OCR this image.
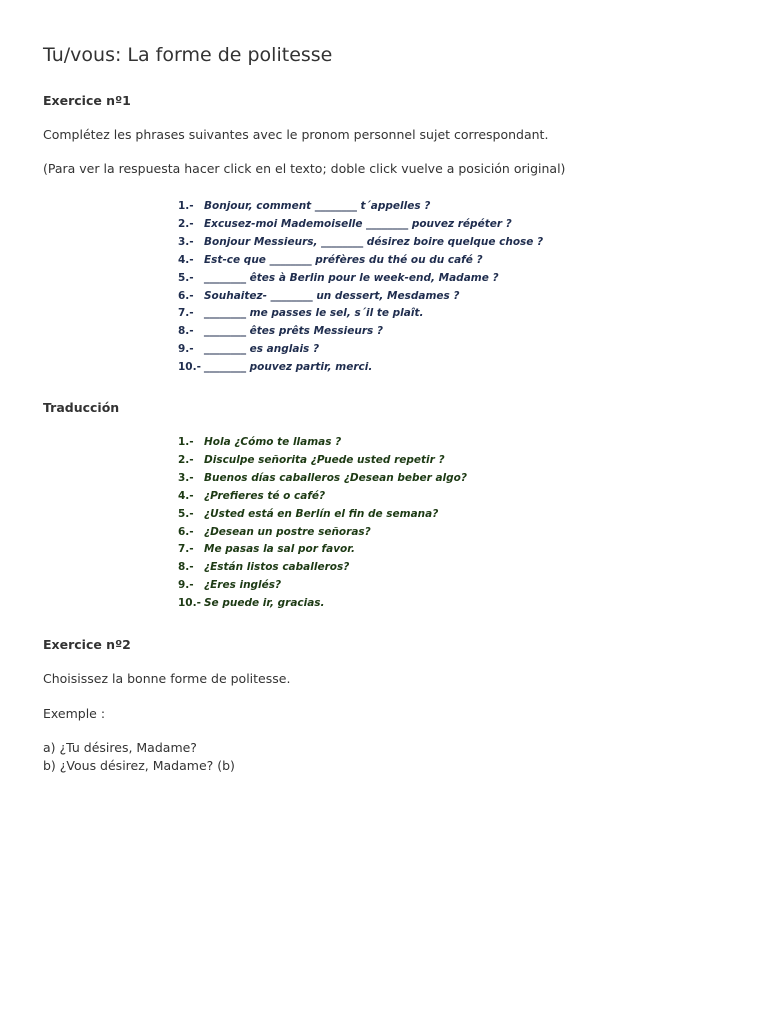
Tu/vous: La forme de politesse
Exercice nº1
Complétez les phrases suivantes avec le pronom personnel sujet correspondant.
(Para ver la respuesta hacer click en el texto; doble click vuelve a posición original)
1.- Bonjour, comment ________ t´appelles ?
2.- Excusez-moi Mademoiselle ________ pouvez répéter ?
3.- Bonjour Messieurs, ________ désirez boire quelque chose ?
4.- Est-ce que ________ préfères du thé ou du café ?
5.- ________ êtes à Berlin pour le week-end, Madame ?
6.- Souhaitez- ________ un dessert, Mesdames ?
7.- ________ me passes le sel, s´il te plaît.
8.- ________ êtes prêts Messieurs ?
9.- ________ es anglais ?
10.- ________ pouvez partir, merci.
Traducción
1.- Hola ¿Cómo te llamas ?
2.- Disculpe señorita ¿Puede usted repetir ?
3.- Buenos días caballeros ¿Desean beber algo?
4.- ¿Prefieres té o café?
5.- ¿Usted está en Berlín el fin de semana?
6.- ¿Desean un postre señoras?
7.- Me pasas la sal por favor.
8.- ¿Están listos caballeros?
9.- ¿Eres inglés?
10.- Se puede ir, gracias.
Exercice nº2
Choisissez la bonne forme de politesse.
Exemple :
a) ¿Tu désires, Madame?
b) ¿Vous désirez, Madame? (b)
